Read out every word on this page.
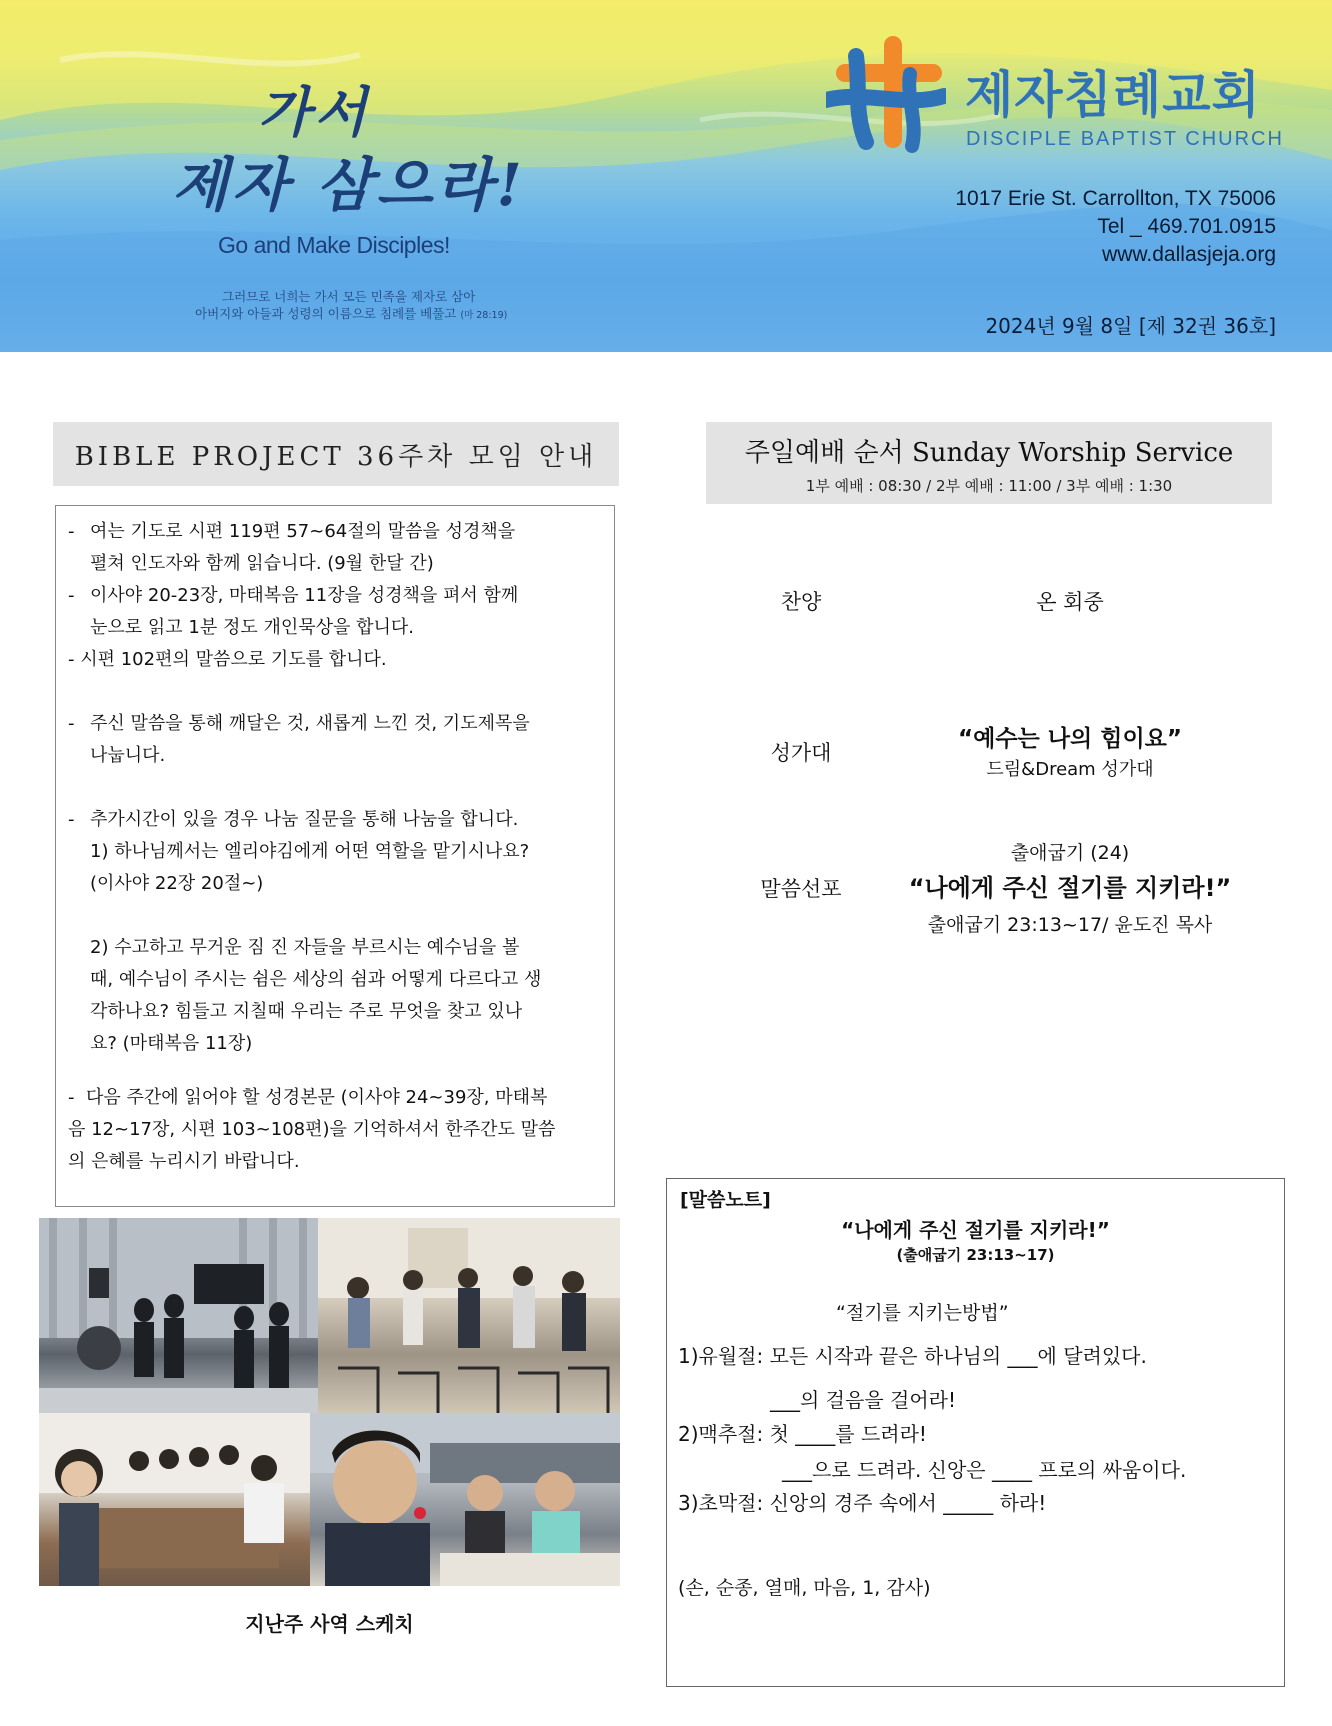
가서
제자 삼으라!
Go and Make Disciples!
그러므로 너희는 가서 모든 민족을 제자로 삼아
아버지와 아들과 성령의 이름으로 침례를 베풀고 (마 28:19)
제자침례교회
DISCIPLE BAPTIST CHURCH
1017 Erie St. Carrollton, TX 75006
Tel _ 469.701.0915
www.dallasjeja.org
2024년 9월 8일 [제 32권 36호]
BIBLE PROJECT 36주차 모임 안내
- 여는 기도로 시편 119편 57~64절의 말씀을 성경책을
펼쳐 인도자와 함께 읽습니다. (9월 한달 간)
- 이사야 20-23장, 마태복음 11장을 성경책을 펴서 함께
눈으로 읽고 1분 정도 개인묵상을 합니다.
- 시편 102편의 말씀으로 기도를 합니다.
- 주신 말씀을 통해 깨달은 것, 새롭게 느낀 것, 기도제목을
나눕니다.
- 추가시간이 있을 경우 나눔 질문을 통해 나눔을 합니다.
1) 하나님께서는 엘리야김에게 어떤 역할을 맡기시나요?
(이사야 22장 20절~)
2) 수고하고 무거운 짐 진 자들을 부르시는 예수님을 볼
때, 예수님이 주시는 쉼은 세상의 쉼과 어떻게 다르다고 생
각하나요? 힘들고 지칠때 우리는 주로 무엇을 찾고 있나
요? (마태복음 11장)
- 다음 주간에 읽어야 할 성경본문 (이사야 24~39장, 마태복
음 12~17장, 시편 103~108편)을 기억하셔서 한주간도 말씀
의 은혜를 누리시기 바랍니다.
지난주 사역 스케치
주일예배 순서 Sunday Worship Service
1부 예배 : 08:30 / 2부 예배 : 11:00 / 3부 예배 : 1:30
찬양	온 회중
성가대
“예수는 나의 힘이요”
드림&Dream 성가대
말씀선포
출애굽기 (24)
“나에게 주신 절기를 지키라!”
출애굽기 23:13~17/ 윤도진 목사
[말씀노트]
“나에게 주신 절기를 지키라!”
(출애굽기 23:13~17)
“절기를 지키는방법”
1)유월절: 모든 시작과 끝은 하나님의 ___에 달려있다.
___의 걸음을 걸어라!
2)맥추절: 첫 ____를 드려라!
___으로 드려라. 신앙은 ____ 프로의 싸움이다.
3)초막절: 신앙의 경주 속에서 _____ 하라!
(손, 순종, 열매, 마음, 1, 감사)
